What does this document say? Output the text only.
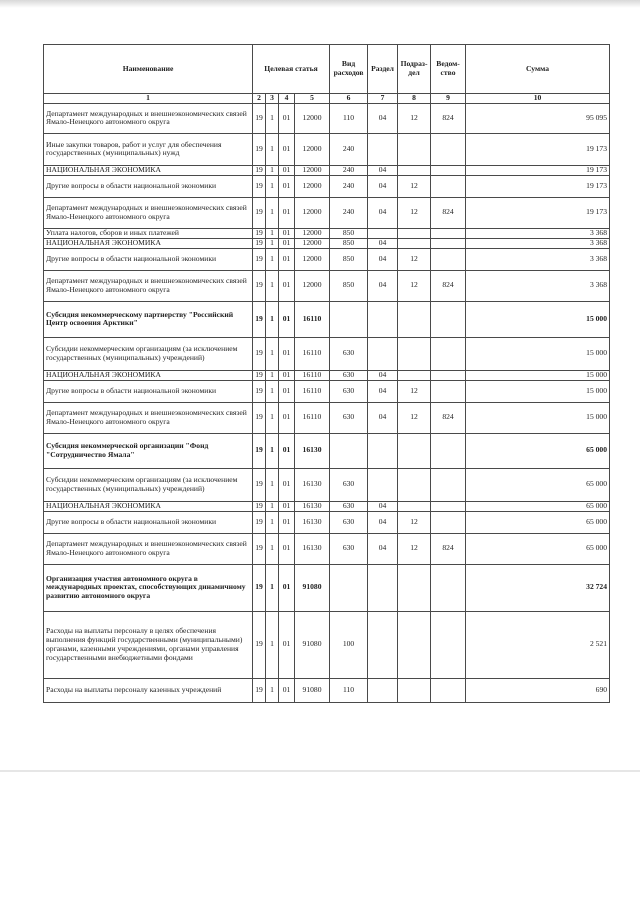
Наименование	Целевая статья				Вид расходов	Раздел	Подраз-дел	Ведом-ство	Сумма
1	2	3	4	5	6	7	8	9	10
Департамент международных и внешнеэкономических связей Ямало-Ненецкого автономного округа	19	1	01	12000	110	04	12	824	95 095
Иные закупки товаров, работ и услуг для обеспечения государственных (муниципальных) нужд	19	1	01	12000	240				19 173
НАЦИОНАЛЬНАЯ ЭКОНОМИКА	19	1	01	12000	240	04			19 173
Другие вопросы в области национальной экономики	19	1	01	12000	240	04	12		19 173
Департамент международных и внешнеэкономических связей Ямало-Ненецкого автономного округа	19	1	01	12000	240	04	12	824	19 173
Уплата налогов, сборов и иных платежей	19	1	01	12000	850				3 368
НАЦИОНАЛЬНАЯ ЭКОНОМИКА	19	1	01	12000	850	04			3 368
Другие вопросы в области национальной экономики	19	1	01	12000	850	04	12		3 368
Департамент международных и внешнеэкономических связей Ямало-Ненецкого автономного округа	19	1	01	12000	850	04	12	824	3 368
Субсидия некоммерческому партнерству "Российский Центр освоения Арктики"	19	1	01	16110					15 000
Субсидии некоммерческим организациям (за исключением государственных (муниципальных) учреждений)	19	1	01	16110	630				15 000
НАЦИОНАЛЬНАЯ ЭКОНОМИКА	19	1	01	16110	630	04			15 000
Другие вопросы в области национальной экономики	19	1	01	16110	630	04	12		15 000
Департамент международных и внешнеэкономических связей Ямало-Ненецкого автономного округа	19	1	01	16110	630	04	12	824	15 000
Субсидия некоммерческой организации "Фонд "Сотрудничество Ямала"	19	1	01	16130					65 000
Субсидии некоммерческим организациям (за исключением государственных (муниципальных) учреждений)	19	1	01	16130	630				65 000
НАЦИОНАЛЬНАЯ ЭКОНОМИКА	19	1	01	16130	630	04			65 000
Другие вопросы в области национальной экономики	19	1	01	16130	630	04	12		65 000
Департамент международных и внешнеэкономических связей Ямало-Ненецкого автономного округа	19	1	01	16130	630	04	12	824	65 000
Организация участия автономного округа в международных проектах, способствующих динамичному развитию автономного округа	19	1	01	91080					32 724
Расходы на выплаты персоналу в целях обеспечения выполнения функций государственными (муниципальными) органами, казенными учреждениями, органами управления государственными внебюджетными фондами	19	1	01	91080	100				2 521
Расходы на выплаты персоналу казенных учреждений	19	1	01	91080	110				690
